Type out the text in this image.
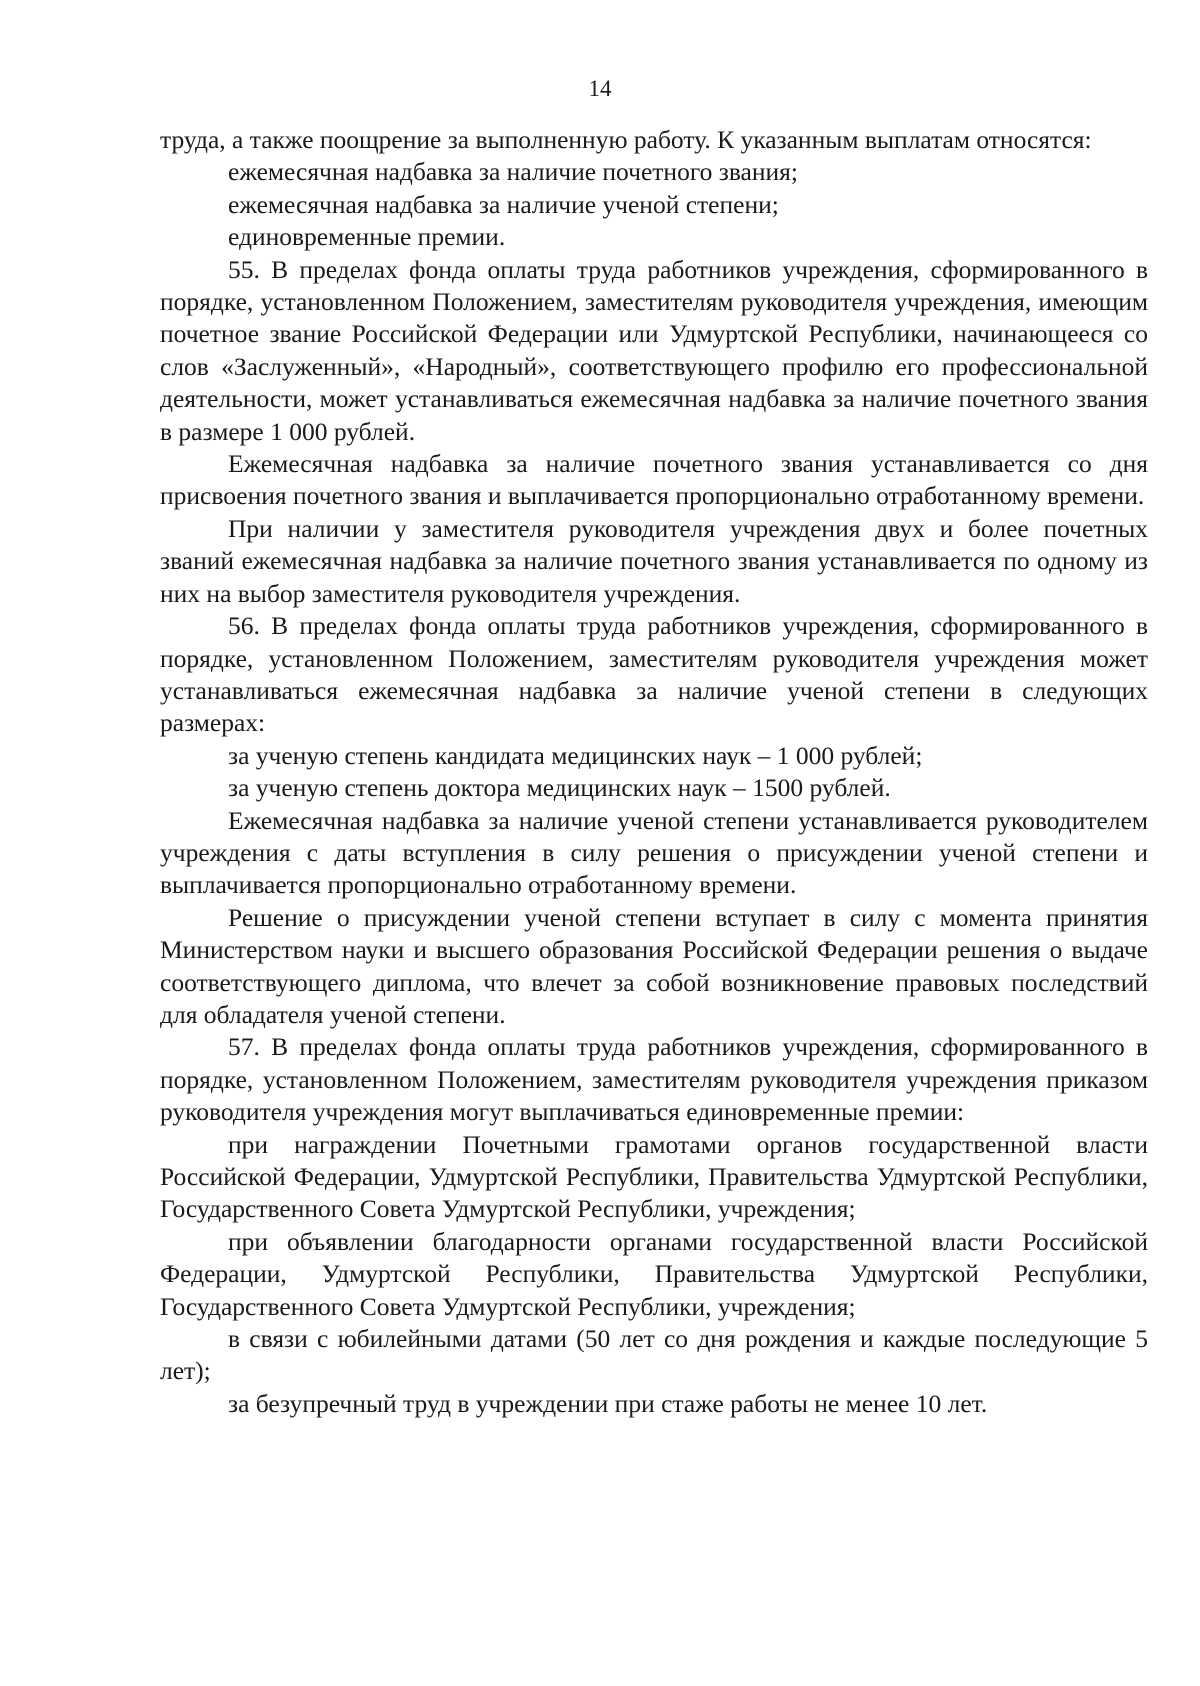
14

труда, а также поощрение за выполненную работу. К указанным выплатам относятся:

ежемесячная надбавка за наличие почетного звания;

ежемесячная надбавка за наличие ученой степени;

единовременные премии.

55. В пределах фонда оплаты труда работников учреждения, сформированного в порядке, установленном Положением, заместителям руководителя учреждения, имеющим почетное звание Российской Федерации или Удмуртской Республики, начинающееся со слов «Заслуженный», «Народный», соответствующего профилю его профессиональной деятельности, может устанавливаться ежемесячная надбавка за наличие почетного звания в размере 1 000 рублей.

Ежемесячная надбавка за наличие почетного звания устанавливается со дня присвоения почетного звания и выплачивается пропорционально отработанному времени.

При наличии у заместителя руководителя учреждения двух и более почетных званий ежемесячная надбавка за наличие почетного звания устанавливается по одному из них на выбор заместителя руководителя учреждения.

56. В пределах фонда оплаты труда работников учреждения, сформированного в порядке, установленном Положением, заместителям руководителя учреждения может устанавливаться ежемесячная надбавка за наличие ученой степени в следующих размерах:

за ученую степень кандидата медицинских наук – 1 000 рублей;

за ученую степень доктора медицинских наук – 1500 рублей.

Ежемесячная надбавка за наличие ученой степени устанавливается руководителем учреждения с даты вступления в силу решения о присуждении ученой степени и выплачивается пропорционально отработанному времени.

Решение о присуждении ученой степени вступает в силу с момента принятия Министерством науки и высшего образования Российской Федерации решения о выдаче соответствующего диплома, что влечет за собой возникновение правовых последствий для обладателя ученой степени.

57. В пределах фонда оплаты труда работников учреждения, сформированного в порядке, установленном Положением, заместителям руководителя учреждения приказом руководителя учреждения могут выплачиваться единовременные премии:

при награждении Почетными грамотами органов государственной власти Российской Федерации, Удмуртской Республики, Правительства Удмуртской Республики, Государственного Совета Удмуртской Республики, учреждения;

при объявлении благодарности органами государственной власти Российской Федерации, Удмуртской Республики, Правительства Удмуртской Республики, Государственного Совета Удмуртской Республики, учреждения;

в связи с юбилейными датами (50 лет со дня рождения и каждые последующие 5 лет);

за безупречный труд в учреждении при стаже работы не менее 10 лет.
